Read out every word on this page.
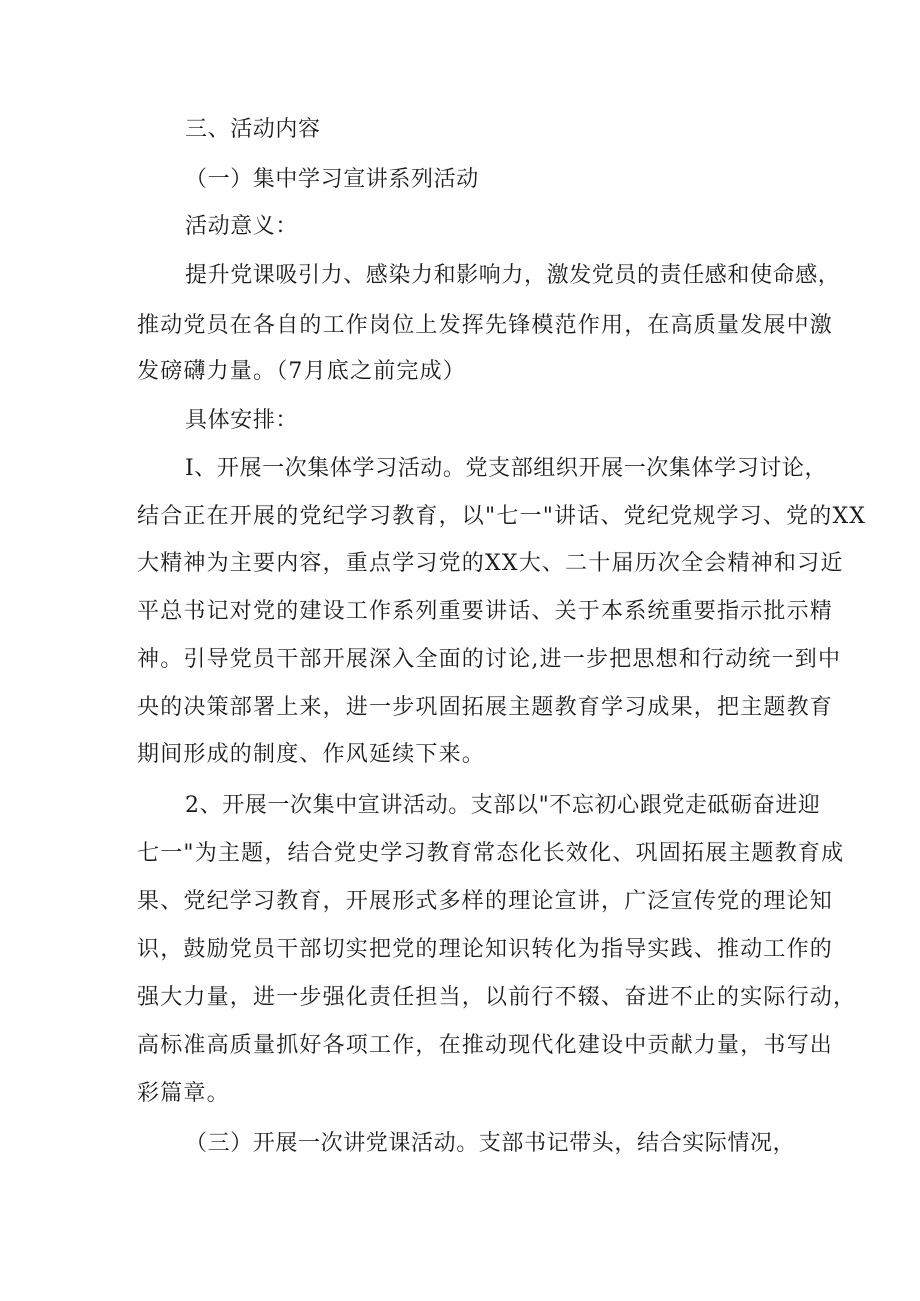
三、活动内容

（一）集中学习宣讲系列活动

活动意义：

提升党课吸引力、感染力和影响力，激发党员的责任感和使命感，

推动党员在各自的工作岗位上发挥先锋模范作用，在高质量发展中激

发磅礴力量。（7月底之前完成）

具体安排：

I、开展一次集体学习活动。党支部组织开展一次集体学习讨论，

结合正在开展的党纪学习教育，以"七一"讲话、党纪党规学习、党的XX

大精神为主要内容，重点学习党的XX大、二十届历次全会精神和习近

平总书记对党的建设工作系列重要讲话、关于本系统重要指示批示精

神。引导党员干部开展深入全面的讨论,进一步把思想和行动统一到中

央的决策部署上来，进一步巩固拓展主题教育学习成果，把主题教育

期间形成的制度、作风延续下来。

2、开展一次集中宣讲活动。支部以"不忘初心跟党走砥砺奋进迎

七一"为主题，结合党史学习教育常态化长效化、巩固拓展主题教育成

果、党纪学习教育，开展形式多样的理论宣讲，广泛宣传党的理论知

识，鼓励党员干部切实把党的理论知识转化为指导实践、推动工作的

强大力量，进一步强化责任担当，以前行不辍、奋进不止的实际行动，

高标准高质量抓好各项工作，在推动现代化建设中贡献力量，书写出

彩篇章。

（三）开展一次讲党课活动。支部书记带头，结合实际情况，
